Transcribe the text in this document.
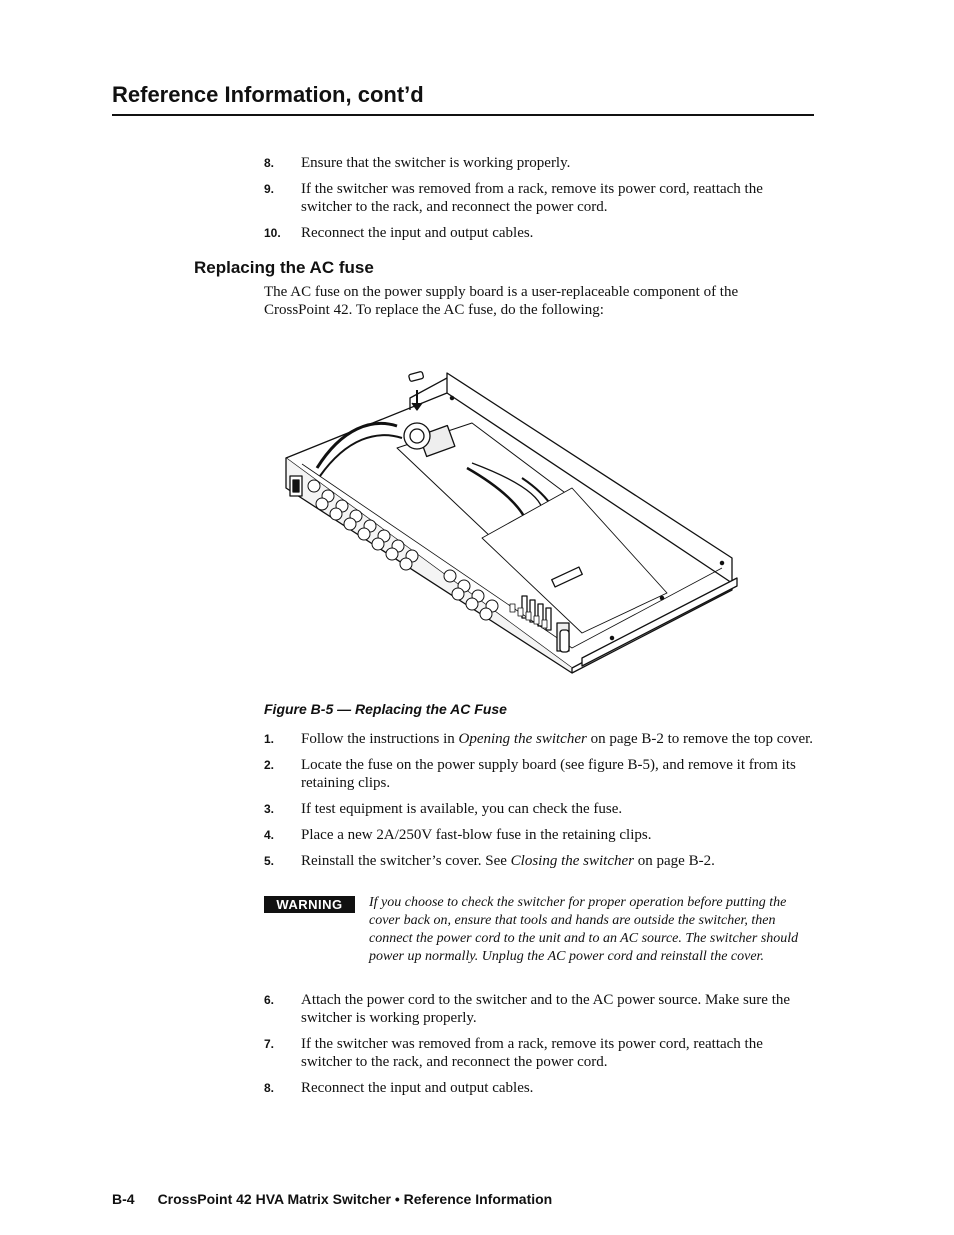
Reference Information, cont’d
8. Ensure that the switcher is working properly.
9. If the switcher was removed from a rack, remove its power cord, reattach the switcher to the rack, and reconnect the power cord.
10. Reconnect the input and output cables.
Replacing the AC fuse

The AC fuse on the power supply board is a user-replaceable component of the CrossPoint 42. To replace the AC fuse, do the following:

Figure B-5 — Replacing the AC Fuse

1. Follow the instructions in Opening the switcher on page B-2 to remove the top cover.
2. Locate the fuse on the power supply board (see figure B-5), and remove it from its retaining clips.
3. If test equipment is available, you can check the fuse.
4. Place a new 2A/250V fast-blow fuse in the retaining clips.
5. Reinstall the switcher’s cover. See Closing the switcher on page B-2.
WARNING	If you choose to check the switcher for proper operation before putting the cover back on, ensure that tools and hands are outside the switcher, then connect the power cord to the unit and to an AC source. The switcher should power up normally. Unplug the AC power cord and reinstall the cover.

6. Attach the power cord to the switcher and to the AC power source. Make sure the switcher is working properly.
7. If the switcher was removed from a rack, remove its power cord, reattach the switcher to the rack, and reconnect the power cord.
8. Reconnect the input and output cables.
B-4 CrossPoint 42 HVA Matrix Switcher • Reference Information
